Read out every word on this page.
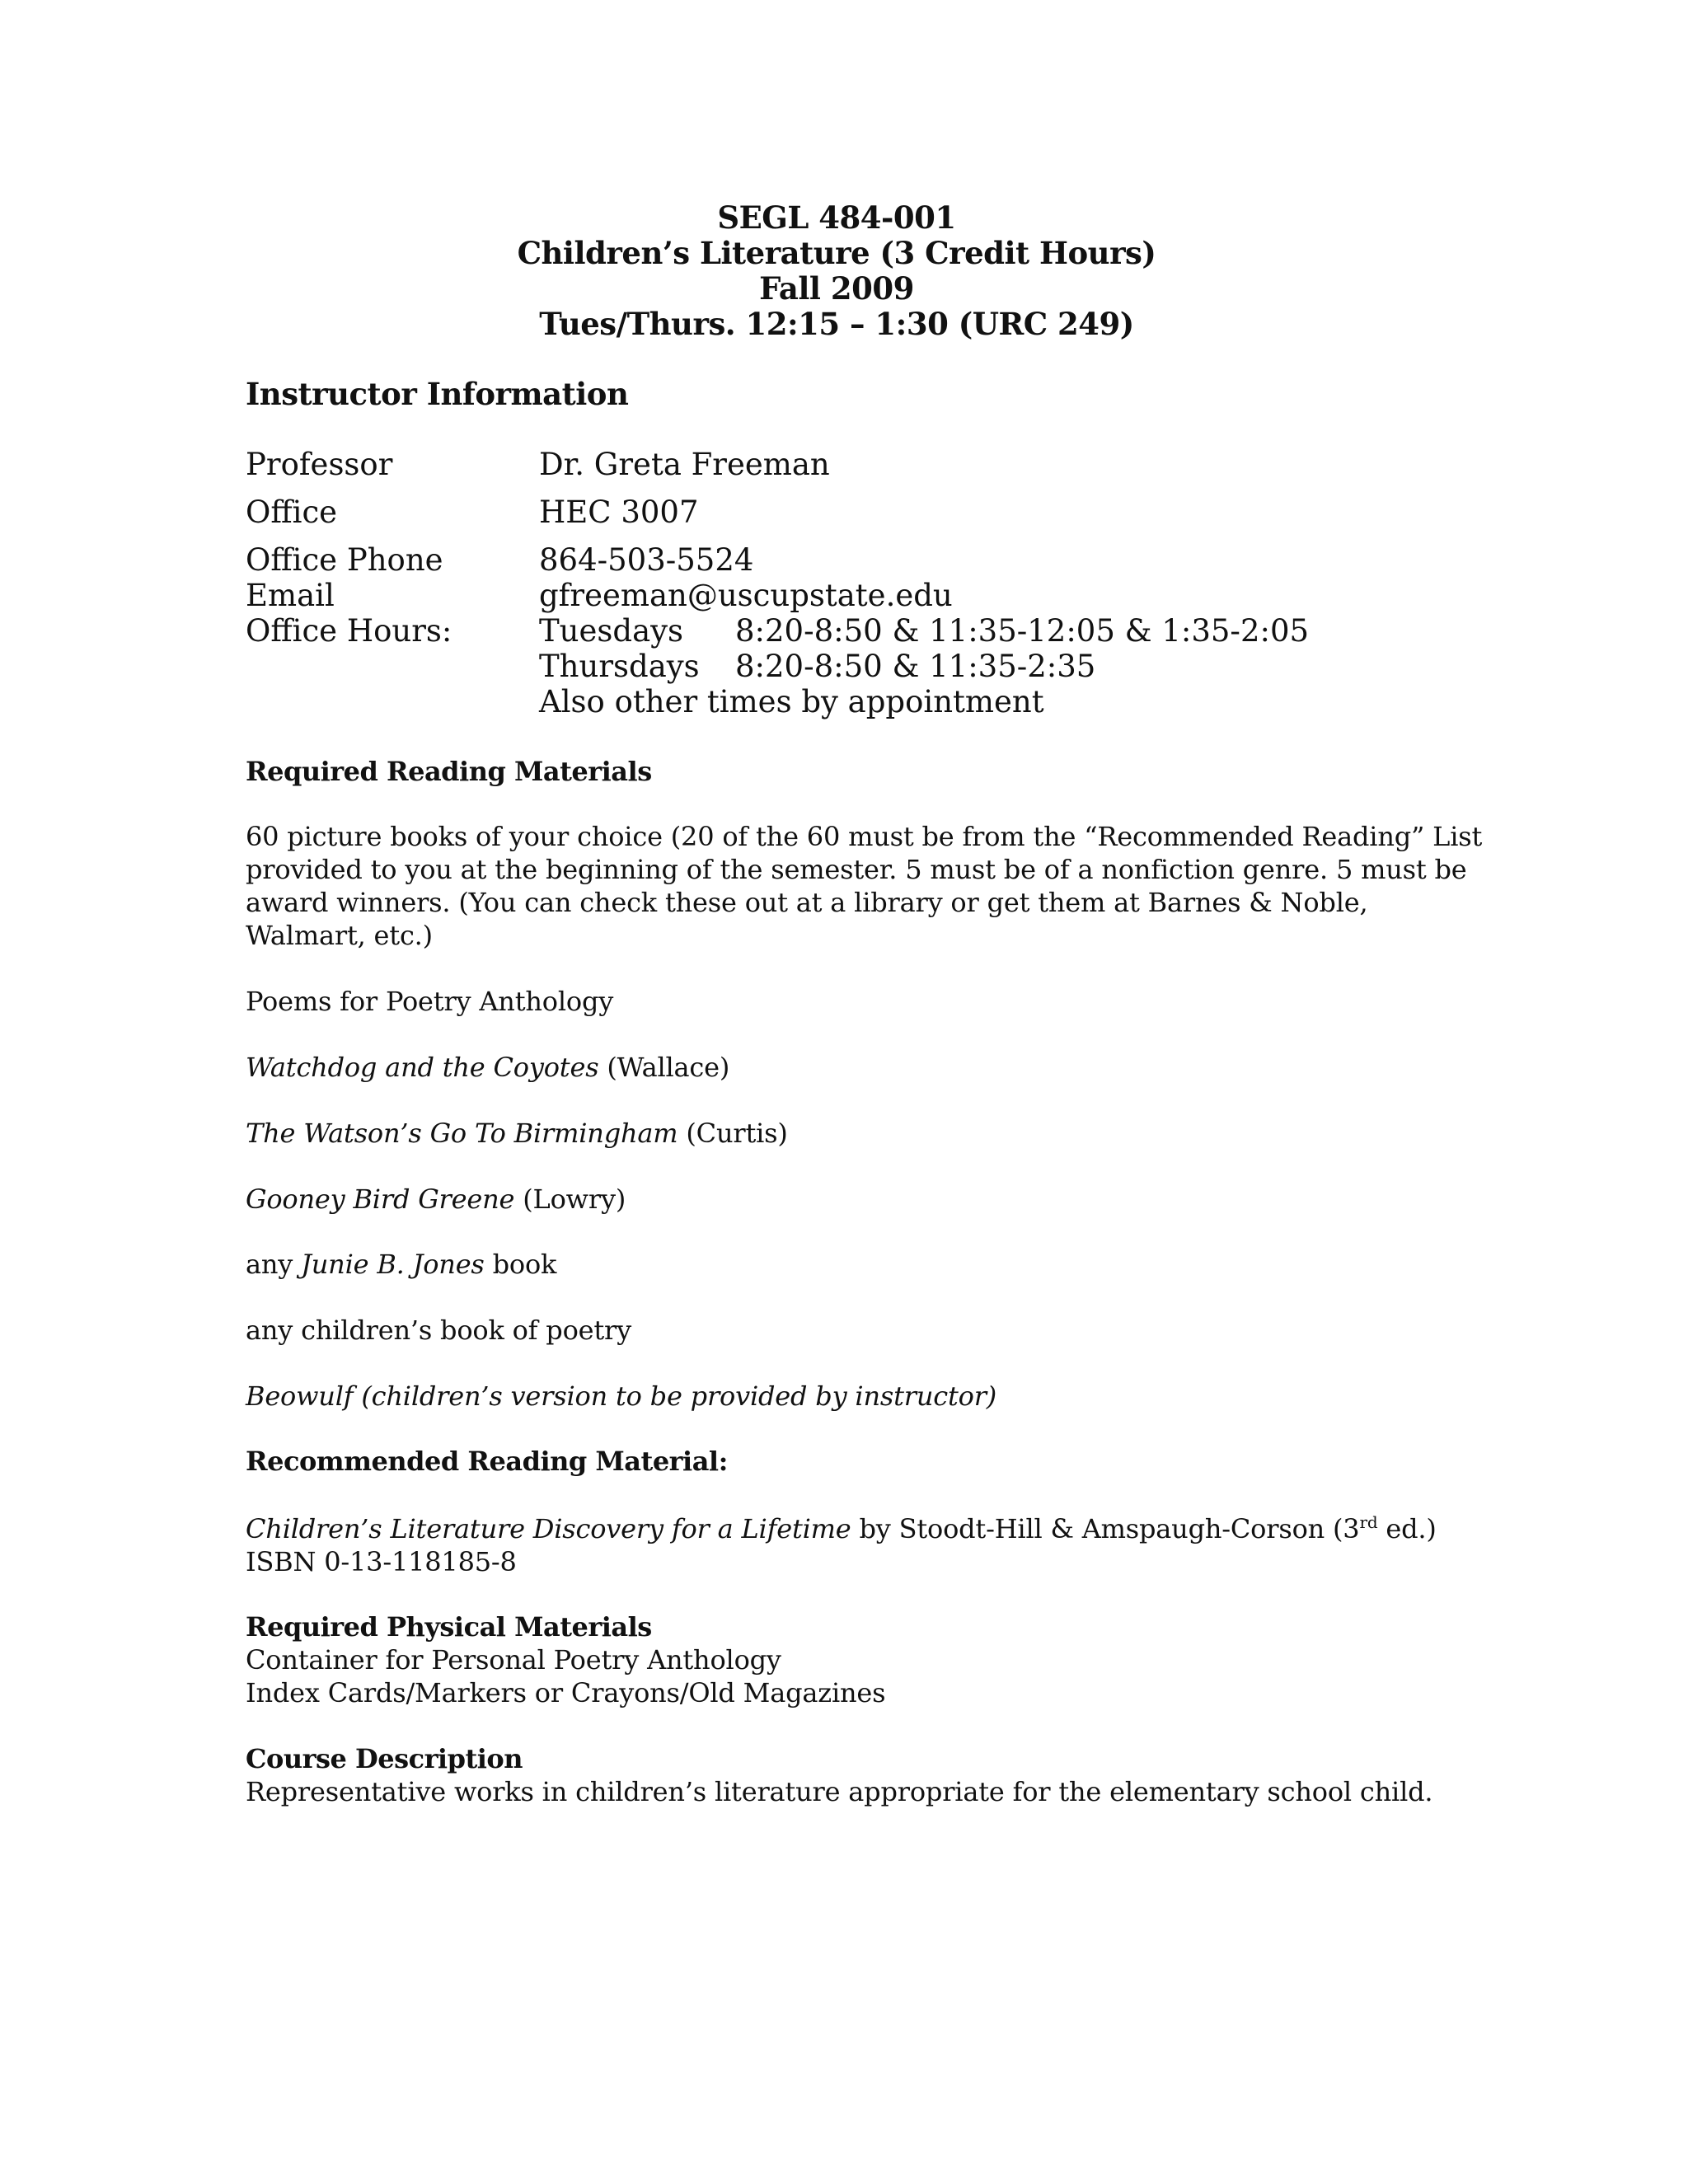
SEGL 484-001
Children’s Literature (3 Credit Hours)
Fall 2009
Tues/Thurs. 12:15 – 1:30 (URC 249)
Instructor Information
Professor	Dr. Greta Freeman
Office	HEC 3007
Office Phone	864-503-5524
Email	gfreeman@uscupstate.edu
Office Hours:	Tuesdays 8:20-8:50 & 11:35-12:05 & 1:35-2:05
Thursdays 8:20-8:50 & 11:35-2:35
Also other times by appointment
Required Reading Materials
60 picture books of your choice (20 of the 60 must be from the “Recommended Reading” List
provided to you at the beginning of the semester. 5 must be of a nonfiction genre. 5 must be
award winners. (You can check these out at a library or get them at Barnes & Noble,
Walmart, etc.)
Poems for Poetry Anthology
Watchdog and the Coyotes (Wallace)
The Watson’s Go To Birmingham (Curtis)
Gooney Bird Greene (Lowry)
any Junie B. Jones book
any children’s book of poetry
Beowulf (children’s version to be provided by instructor)
Recommended Reading Material:
Children’s Literature Discovery for a Lifetime by Stoodt-Hill & Amspaugh-Corson (3rd ed.)
ISBN 0-13-118185-8
Required Physical Materials
Container for Personal Poetry Anthology
Index Cards/Markers or Crayons/Old Magazines
Course Description
Representative works in children’s literature appropriate for the elementary school child.
